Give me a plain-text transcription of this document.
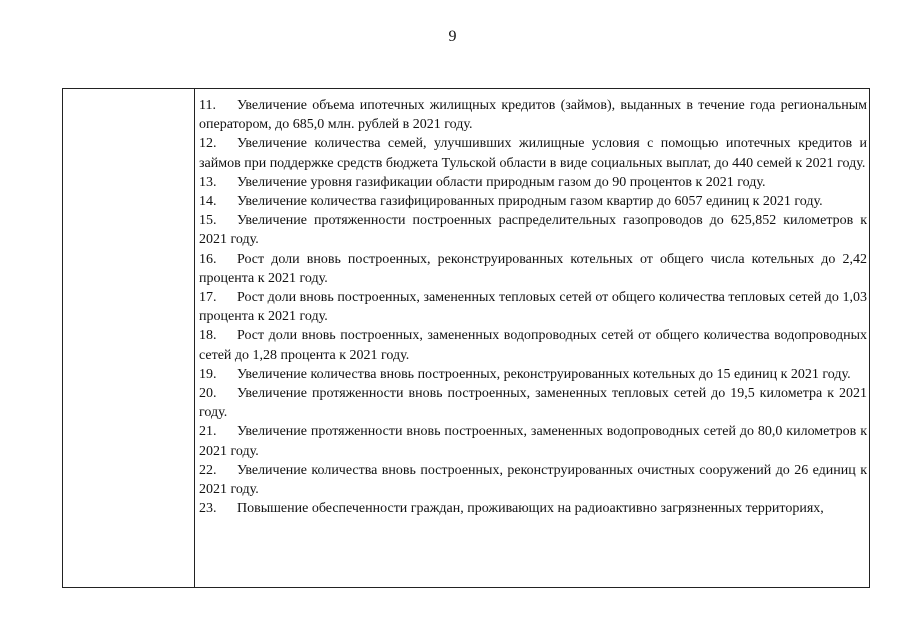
9

11. Увеличение объема ипотечных жилищных кредитов (займов), выданных в течение года региональным оператором, до 685,0 млн. рублей в 2021 году.

12. Увеличение количества семей, улучшивших жилищные условия с помощью ипотечных кредитов и займов при поддержке средств бюджета Тульской области в виде социальных выплат, до 440 семей к 2021 году.

13. Увеличение уровня газификации области природным газом до 90 процентов к 2021 году.

14. Увеличение количества газифицированных природным газом квартир до 6057 единиц к 2021 году.

15. Увеличение протяженности построенных распределительных газопроводов до 625,852 километров к 2021 году.

16. Рост доли вновь построенных, реконструированных котельных от общего числа котельных до 2,42 процента к 2021 году.

17. Рост доли вновь построенных, замененных тепловых сетей от общего количества тепловых сетей до 1,03 процента к 2021 году.

18. Рост доли вновь построенных, замененных водопроводных сетей от общего количества водопроводных сетей до 1,28 процента к 2021 году.

19. Увеличение количества вновь построенных, реконструированных котельных до 15 единиц к 2021 году.

20. Увеличение протяженности вновь построенных, замененных тепловых сетей до 19,5 километра к 2021 году.

21. Увеличение протяженности вновь построенных, замененных водопроводных сетей до 80,0 километров к 2021 году.

22. Увеличение количества вновь построенных, реконструированных очистных сооружений до 26 единиц к 2021 году.

23. Повышение обеспеченности граждан, проживающих на радиоактивно загрязненных территориях,
